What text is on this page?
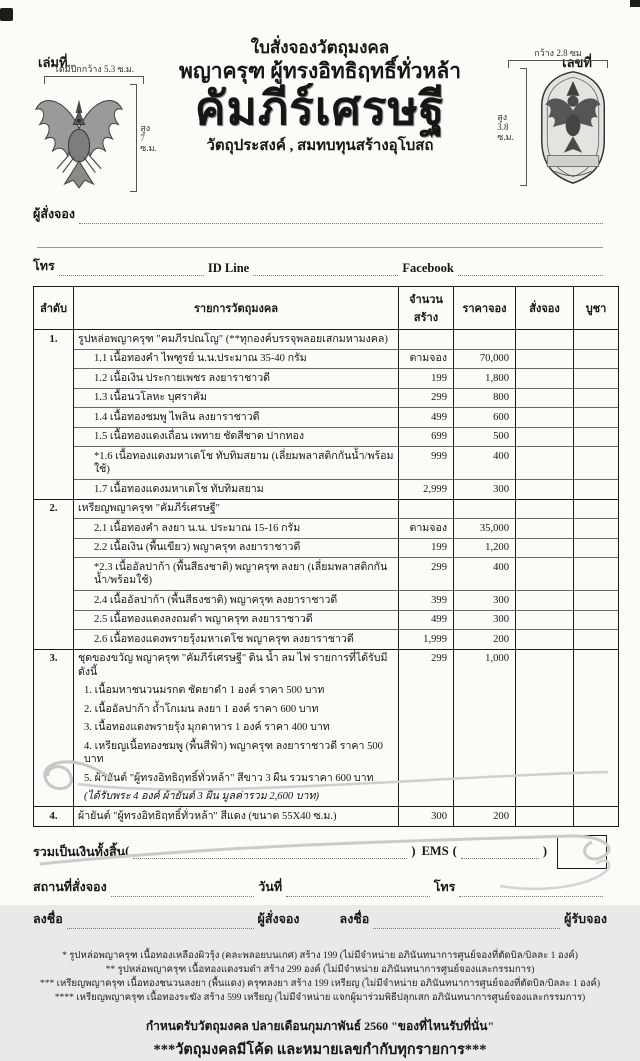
เล่มที่	เลขที่
ใบสั่งจองวัตถุมงคล
พญาครุฑ ผู้ทรงอิทธิฤทธิ์ทั่วหล้า
คัมภีร์เศรษฐี
วัตถุประสงค์ , สมทบทุนสร้างอุโบสถ
โตมีปีกกว้าง 5.3 ซ.ม.
สูง
7
ซ.ม.
กว้าง 2.8 ซม
สูง
3.8
ซ.ม.
ผู้สั่งจอง
โทร	ID Line	Facebook
ลำดับ	รายการวัตถุมงคล	จำนวนสร้าง	ราคาจอง	สั่งจอง	บูชา
1.	รูปหล่อพญาครุฑ "คมภีรปณโญ" (**ทุกองค์บรรจุพลอยเสกมหามงคล)				
	1.1 เนื้อทองคำ ไพฑูรย์ น.น.ประมาณ 35-40 กรัม	ตามจอง	70,000		
	1.2 เนื้อเงิน ประกายเพชร ลงยาราชาวดี	199	1,800		
	1.3 เนื้อนวโลหะ บุศราคัม	299	800		
	1.4 เนื้อทองชมพู ไพลิน ลงยาราชาวดี	499	600		
	1.5 เนื้อทองแดงเถื่อน เพทาย ชัดสีชาด ปากทอง	699	500		
	*1.6 เนื้อทองแดงมหาเดโช ทับทิมสยาม (เลี่ยมพลาสติกกันน้ำ/พร้อมใช้)	999	400		
	1.7 เนื้อทองแดงมหาเดโช ทับทิมสยาม	2,999	300		
2.	เหรียญพญาครุฑ "คัมภีร์เศรษฐี"				
	2.1 เนื้อทองคำ ลงยา น.น. ประมาณ 15-16 กรัม	ตามจอง	35,000		
	2.2 เนื้อเงิน (พื้นเขียว) พญาครุฑ ลงยาราชาวดี	199	1,200		
	*2.3 เนื้ออัลปาก้า (พื้นสีธงชาติ) พญาครุฑ ลงยา (เลี่ยมพลาสติกกันน้ำ/พร้อมใช้)	299	400		
	2.4 เนื้ออัลปาก้า (พื้นสีธงชาติ) พญาครุฑ ลงยาราชาวดี	399	300		
	2.5 เนื้อทองแดงลงถมดำ พญาครุฑ ลงยาราชาวดี	499	300		
	2.6 เนื้อทองแดงพรายรุ้งมหาเดโช พญาครุฑ ลงยาราชาวดี	1,999	200		
3.	ชุดของขวัญ พญาครุฑ "คัมภีร์เศรษฐี" ดิน น้ำ ลม ไฟ รายการที่ได้รับมีดังนี้	299	1,000		
	1. เนื้อมหาชนวนมรกต ชัดยาดำ 1 องค์ ราคา 500 บาท				
	2. เนื้ออัลปาก้า ถ้ำโกเมน ลงยา 1 องค์ ราคา 600 บาท				
	3. เนื้อทองแดงพรายรุ้ง มุกดาหาร 1 องค์ ราคา 400 บาท				
	4. เหรียญเนื้อทองชมพู (พื้นสีฟ้า) พญาครุฑ ลงยาราชาวดี ราคา 500 บาท				
	5. ผ้ายันต์ "ผู้ทรงอิทธิฤทธิ์ทั่วหล้า" สีขาว 3 ผืน รวมราคา 600 บาท				
	(ได้รับพระ 4 องค์ ผ้ายันต์ 3 ผืน มูลค่ารวม 2,600 บาท)				
4.	ผ้ายันต์ "ผู้ทรงอิทธิฤทธิ์ทั่วหล้า" สีแดง (ขนาด 55X40 ซ.ม.)	300	200		
รวมเป็นเงินทั้งสิ้น (	) EMS (	)
สถานที่สั่งจอง	วันที่	โทร
ลงชื่อ	ผู้สั่งจอง	ลงชื่อ	ผู้รับจอง
* รูปหล่อพญาครุฑ เนื้อทองเหลืองผิวรุ้ง (คละพลอยบนเกศ) สร้าง 199 (ไม่มีจำหน่าย อภินันทนาการศูนย์จองที่ตัดบิล/บิลละ 1 องค์)
** รูปหล่อพญาครุฑ เนื้อทองแดงรมดำ สร้าง 299 องค์ (ไม่มีจำหน่าย อภินันทนาการศูนย์จองและกรรมการ)
*** เหรียญพญาครุฑ เนื้อทองชนวนลงยา (พื้นแดง) ครุฑลงยา สร้าง 199 เหรียญ (ไม่มีจำหน่าย อภินันทนาการศูนย์จองที่ตัดบิล/บิลละ 1 องค์)
**** เหรียญพญาครุฑ เนื้อทองระฆัง สร้าง 599 เหรียญ (ไม่มีจำหน่าย แจกผู้มาร่วมพิธีปลุกเสก อภินันทนาการศูนย์จองและกรรมการ)
กำหนดรับวัตถุมงคล ปลายเดือนกุมภาพันธ์ 2560 "ของที่ไหนรับที่นั่น"
***วัตถุมงคลมีโค้ด และหมายเลขกำกับทุกรายการ***
